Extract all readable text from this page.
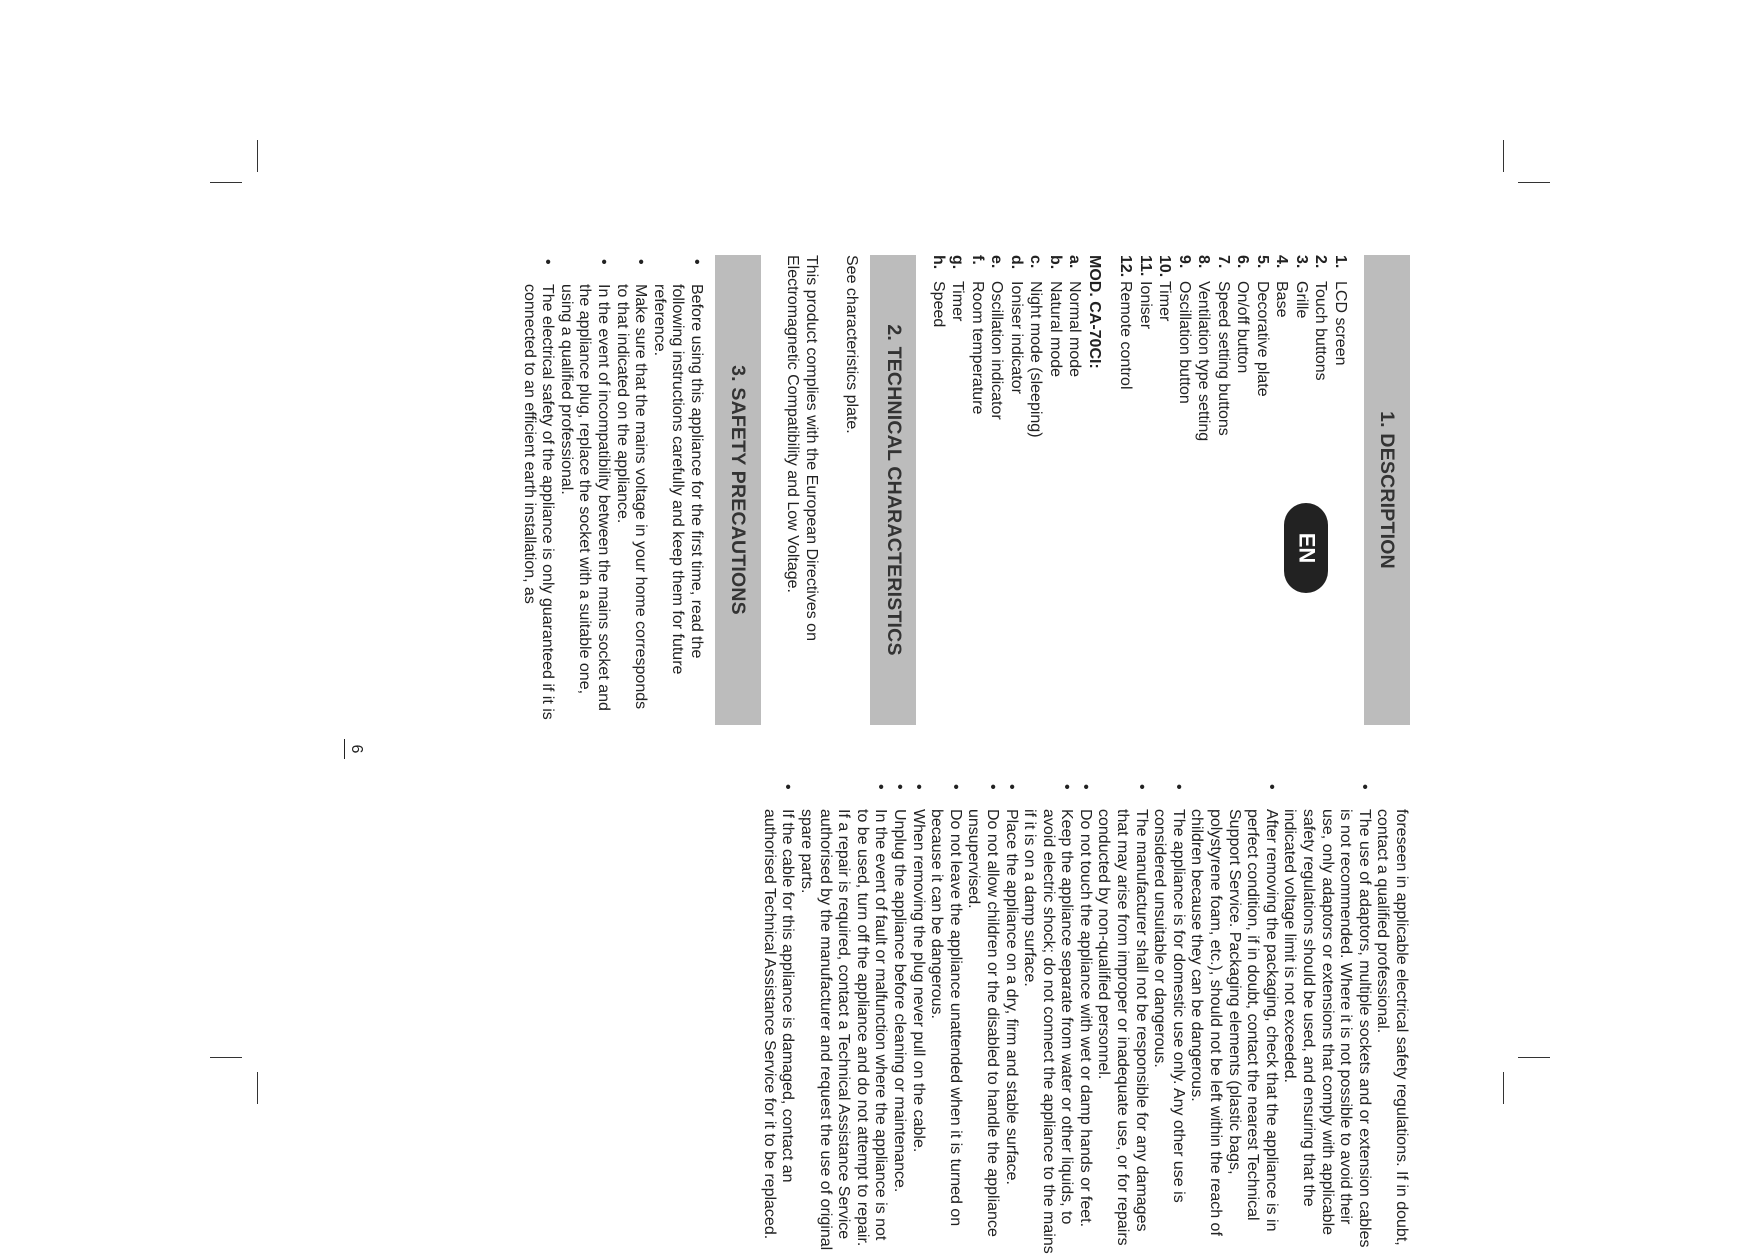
EN	1. DESCRIPTION
1.LCD screen
2.Touch buttons
3.Grille
4.Base
5.Decorative plate
6.On/off button
7.Speed setting buttons
8.Ventilation type setting
9.Oscillation button
10.Timer
11.Ioniser
12.Remote control
MOD. CA-70CI:
a.Normal mode
b.Natural mode
c.Night mode (sleeping)
d.Ioniser indicator
e.Oscillation indicator
f.Room temperature
g.Timer
h.Speed
2. TECHNICAL CHARACTERISTICS

See characteristics plate.

This product complies with the European Directives on Electromagnetic Compatibility and Low Voltage.

3. SAFETY PRECAUTIONS
• Before using this appliance for the first time, read the following instructions carefully and keep them for future reference.
• Make sure that the mains voltage in your home corresponds to that indicated on the appliance.
• In the event of incompatibility between the mains socket and the appliance plug, replace the socket with a suitable one, using a qualified professional.
• The electrical safety of the appliance is only guaranteed if it is connected to an efficient earth installation, as
foreseen in applicable electrical safety regulations. If in doubt, contact a qualified professional.
• The use of adaptors, multiple sockets and or extension cables is not recommended. Where it is not possible to avoid their use, only adaptors or extensions that comply with applicable safety regulations should be used, and ensuring that the indicated voltage limit is not exceeded.
• After removing the packaging, check that the appliance is in perfect condition, if in doubt, contact the nearest Technical Support Service. Packaging elements (plastic bags, polystyrene foam, etc.), should not be left within the reach of children because they can be dangerous.
• The appliance is for domestic use only. Any other use is considered unsuitable or dangerous.
• The manufacturer shall not be responsible for any damages that may arise from improper or inadequate use, or for repairs conducted by non-qualified personnel.
• Do not touch the appliance with wet or damp hands or feet.
• Keep the appliance separate from water or other liquids, to avoid electric shock; do not connect the appliance to the mains if it is on a damp surface.
• Place the appliance on a dry, firm and stable surface.
• Do not allow children or the disabled to handle the appliance unsupervised.
• Do not leave the appliance unattended when it is turned on because it can be dangerous.
• When removing the plug never pull on the cable.
• Unplug the appliance before cleaning or maintenance.
• In the event of fault or malfunction where the appliance is not to be used, turn off the appliance and do not attempt to repair. If a repair is required, contact a Technical Assistance Service authorised by the manufacturer and request the use of original spare parts.
• If the cable for this appliance is damaged, contact an authorised Technical Assistance Service for it to be replaced.
6
